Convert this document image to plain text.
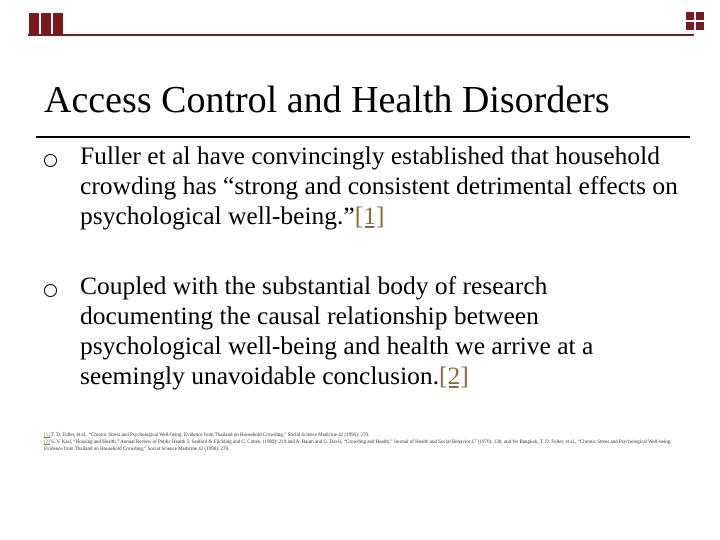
Access Control and Health Disorders
Fuller et al have convincingly established that household crowding has “strong and consistent detrimental effects on psychological well-being.”[1]
Coupled with the substantial body of research documenting the causal relationship between psychological well-being and health we arrive at a seemingly unavoidable conclusion.[2]
[1] T. D. Fuller, et al., “Chronic Stress and Psychological Well-being: Evidence from Thailand on Household Crowding,” Social Science Medicine 42 (1996): 270.
[2] S. V. Kasl, “Housing and Health,” Annual Review of Public Health 5; Seaford & Flickling and C. Cohen, (1989): 219 and A. Baum and G. Davis, “Crowding and Health,” Journal of Health and Social Behavior 17 (1976): 136; and for Bangkok, T. D. Fuller, et al., “Chronic Stress and Psychological Well-being: Evidence from Thailand on Household Crowding,” Social Science Medicine 42 (1996): 270.
